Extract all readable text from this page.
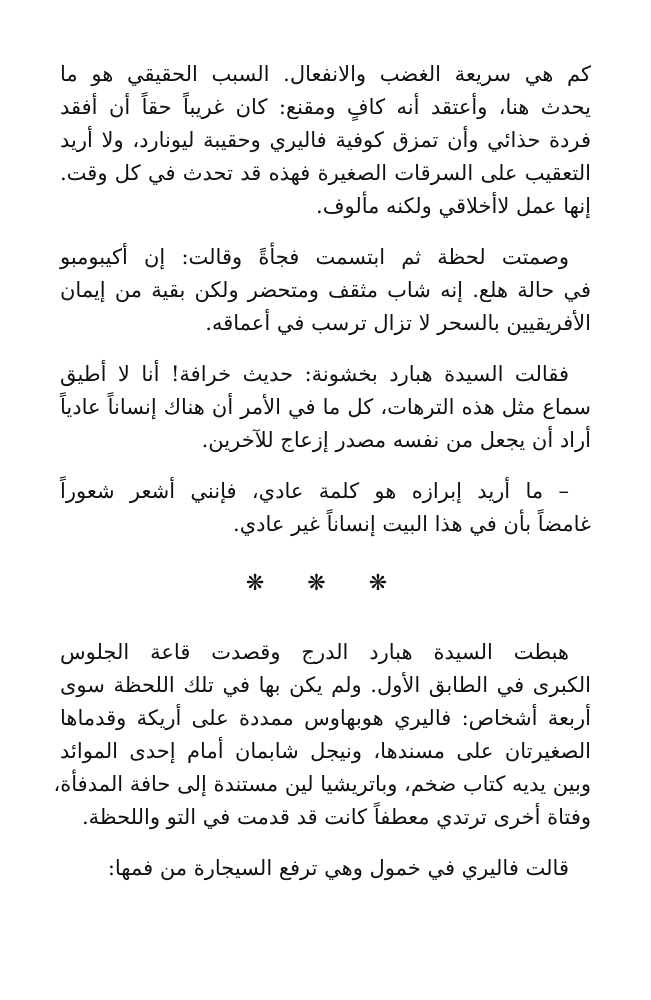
كم هي سريعة الغضب والانفعال. السبب الحقيقي هو ما
يحدث هنا، وأعتقد أنه كافٍ ومقنع: كان غريباً حقاً أن أفقد
فردة حذائي وأن تمزق كوفية فاليري وحقيبة ليونارد، ولا أريد
التعقيب على السرقات الصغيرة فهذه قد تحدث في كل وقت.
إنها عمل لاأخلاقي ولكنه مألوف.

وصمتت لحظة ثم ابتسمت فجأةً وقالت: إن أكيبومبو
في حالة هلع. إنه شاب مثقف ومتحضر ولكن بقية من إيمان
الأفريقيين بالسحر لا تزال ترسب في أعماقه.

فقالت السيدة هبارد بخشونة: حديث خرافة! أنا لا أطيق
سماع مثل هذه الترهات، كل ما في الأمر أن هناك إنساناً عادياً
أراد أن يجعل من نفسه مصدر إزعاج للآخرين.

– ما أريد إبرازه هو كلمة عادي، فإنني أشعر شعوراً
غامضاً بأن في هذا البيت إنساناً غير عادي.

❋ ❋ ❋

هبطت السيدة هبارد الدرج وقصدت قاعة الجلوس
الكبرى في الطابق الأول. ولم يكن بها في تلك اللحظة سوى
أربعة أشخاص: فاليري هوبهاوس ممددة على أريكة وقدماها
الصغيرتان على مسندها، ونيجل شابمان أمام إحدى الموائد
وبين يديه كتاب ضخم، وباتريشيا لين مستندة إلى حافة المدفأة،
وفتاة أخرى ترتدي معطفاً كانت قد قدمت في التو واللحظة.

قالت فاليري في خمول وهي ترفع السيجارة من فمها:
